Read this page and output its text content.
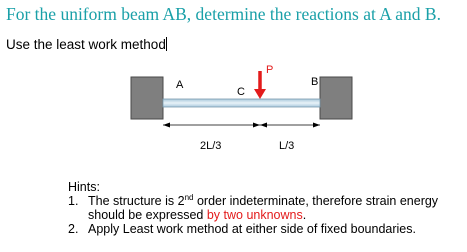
For the uniform beam AB, determine the reactions at A and B.
Use the least work method
P
A
C
B
2L/3	L/3
Hints:
1. The structure is 2nd order indeterminate, therefore strain energy should be expressed by two unknowns.
2. Apply Least work method at either side of fixed boundaries.
